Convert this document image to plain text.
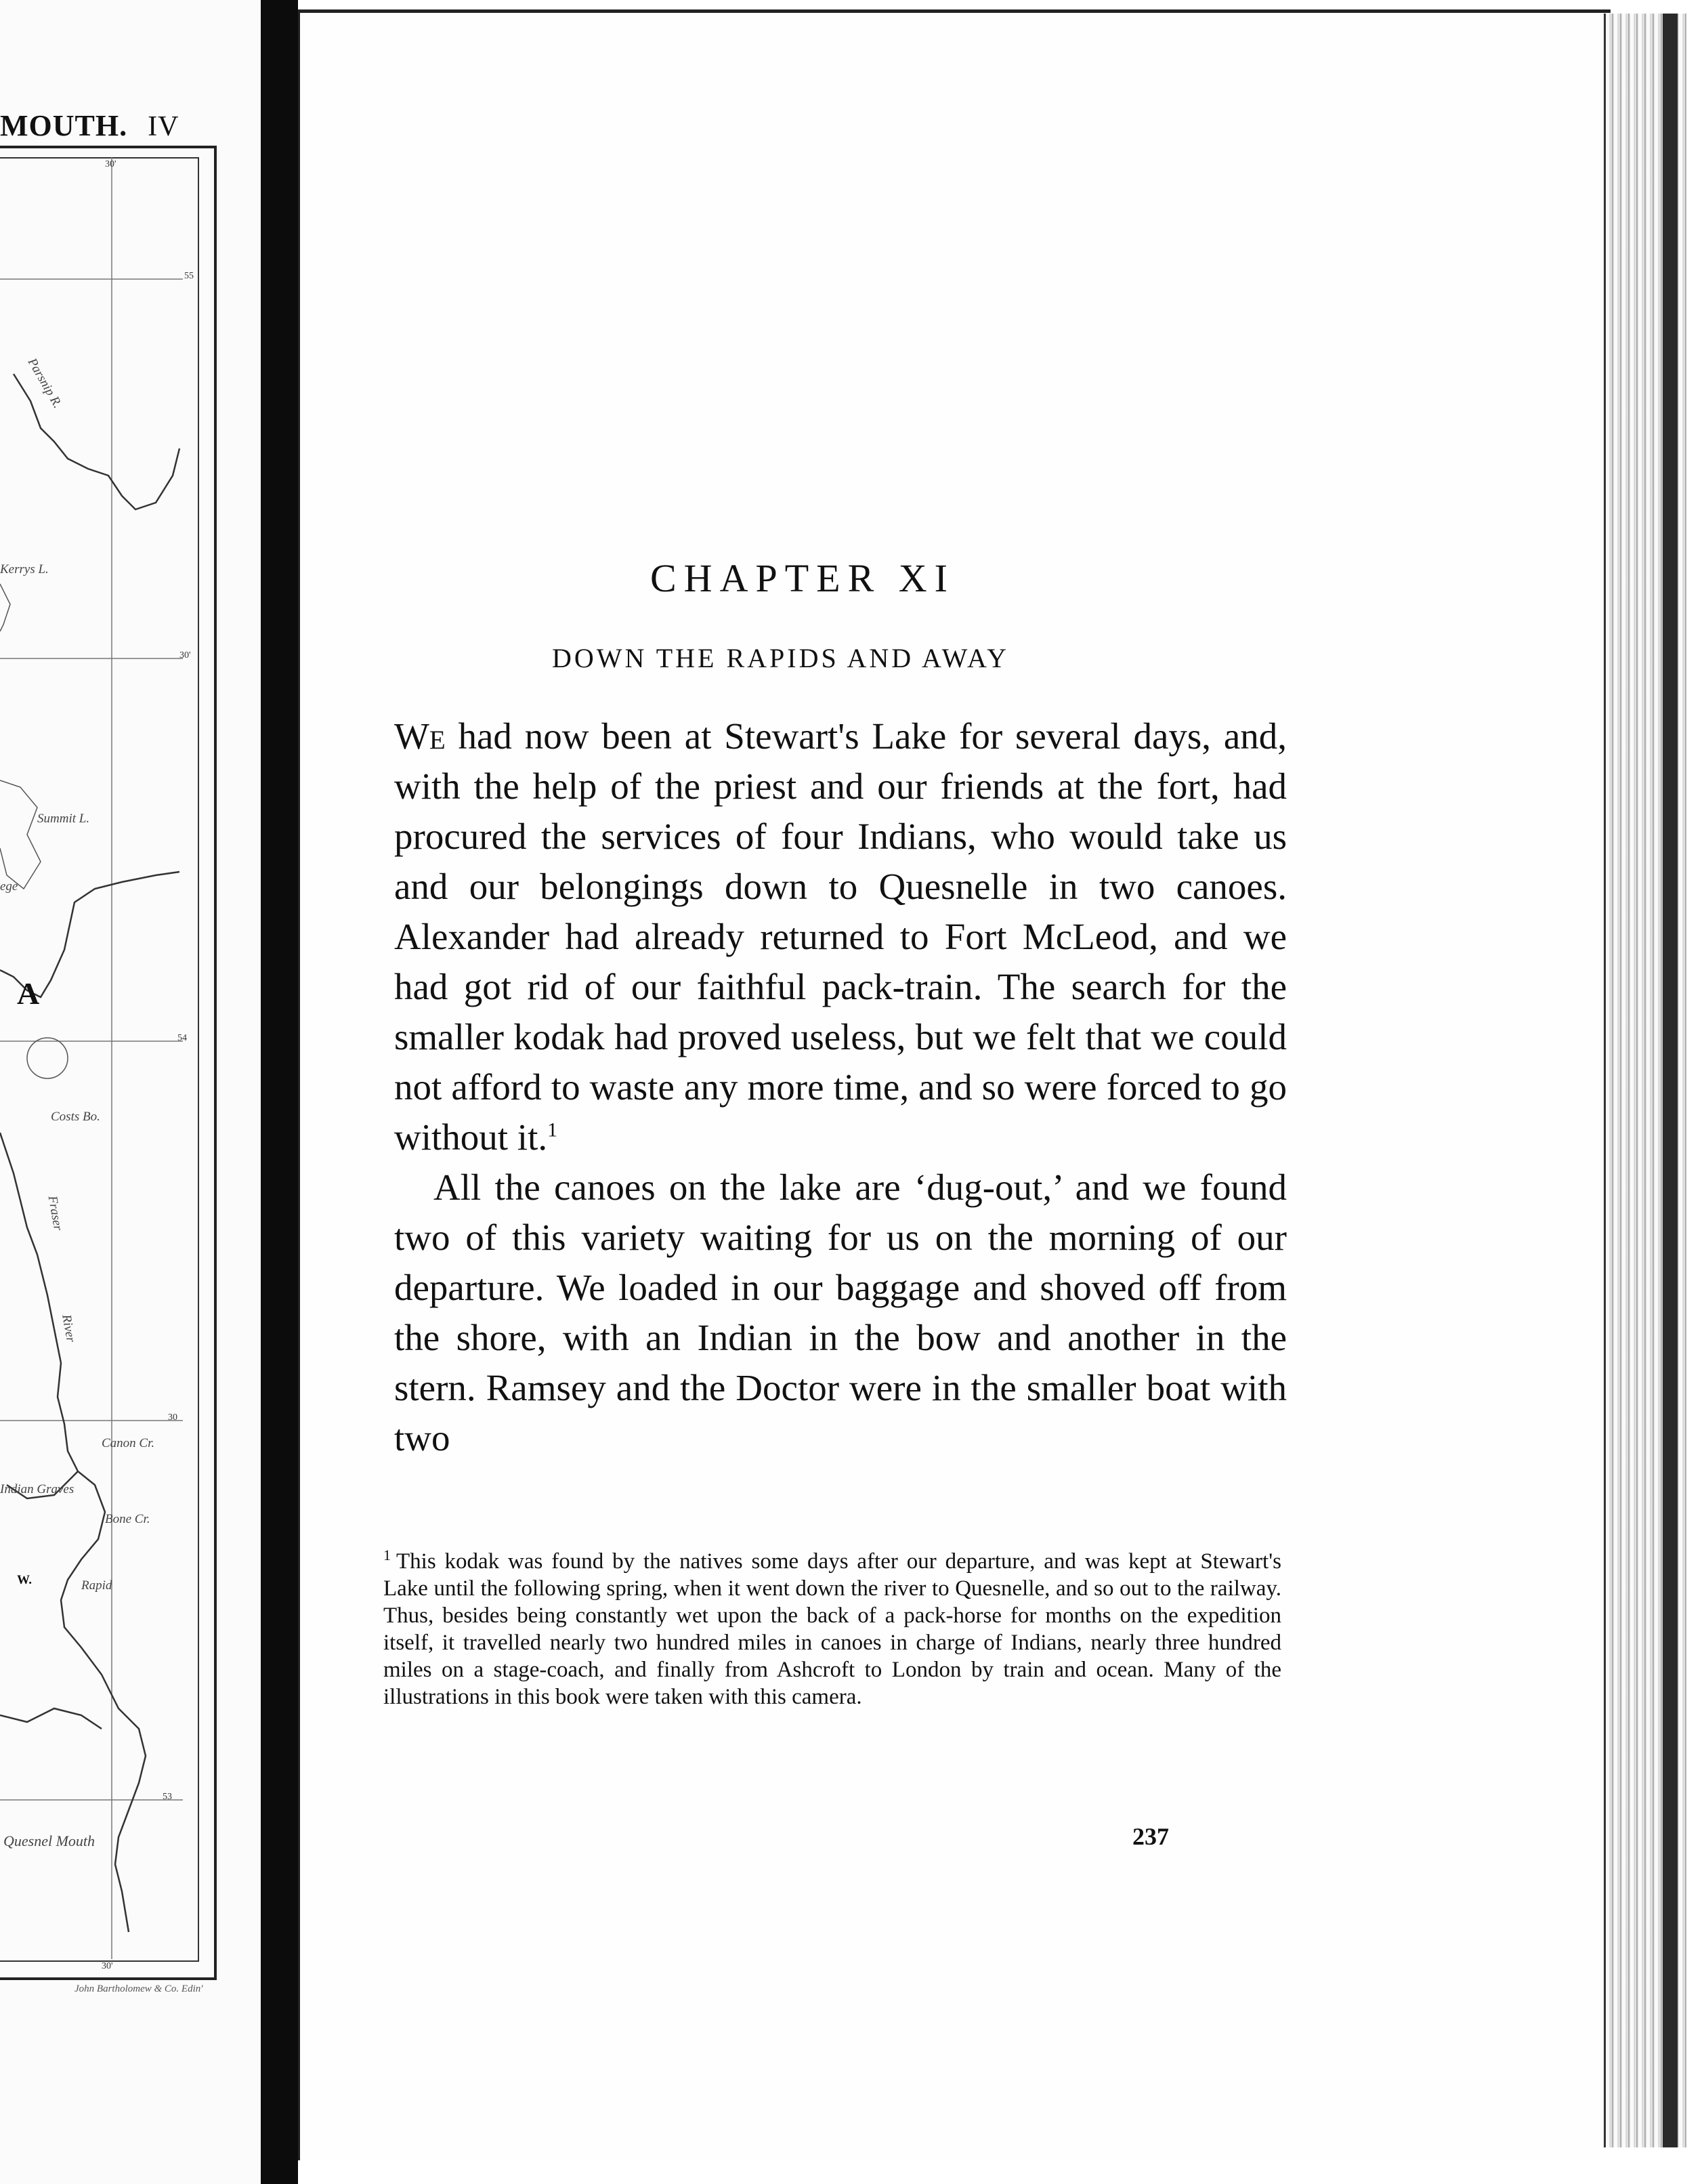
MOUTH. IV
30'
55
30'
54
30
53
30'
Parsnip R.
Kerrys L.
Summit L.
ege
A
Costs Bo.
Fraser
River
Canon Cr.
Indian Graves
Bone Cr.
W.	Rapid
Quesnel Mouth
John Bartholomew & Co. Edin'
CHAPTER XI
DOWN THE RAPIDS AND AWAY

We had now been at Stewart's Lake for several days, and, with the help of the priest and our friends at the fort, had procured the services of four Indians, who would take us and our belongings down to Quesnelle in two canoes. Alexander had already returned to Fort McLeod, and we had got rid of our faithful pack-train. The search for the smaller kodak had proved useless, but we felt that we could not afford to waste any more time, and so were forced to go without it.$^1$

All the canoes on the lake are ‘dug-out,’ and we found two of this variety waiting for us on the morning of our departure. We loaded in our baggage and shoved off from the shore, with an Indian in the bow and another in the stern. Ramsey and the Doctor were in the smaller boat with two

$^1$ This kodak was found by the natives some days after our departure, and was kept at Stewart's Lake until the following spring, when it went down the river to Quesnelle, and so out to the railway. Thus, besides being constantly wet upon the back of a pack-horse for months on the expedition itself, it travelled nearly two hundred miles in canoes in charge of Indians, nearly three hundred miles on a stage-coach, and finally from Ashcroft to London by train and ocean. Many of the illustrations in this book were taken with this camera.
237
